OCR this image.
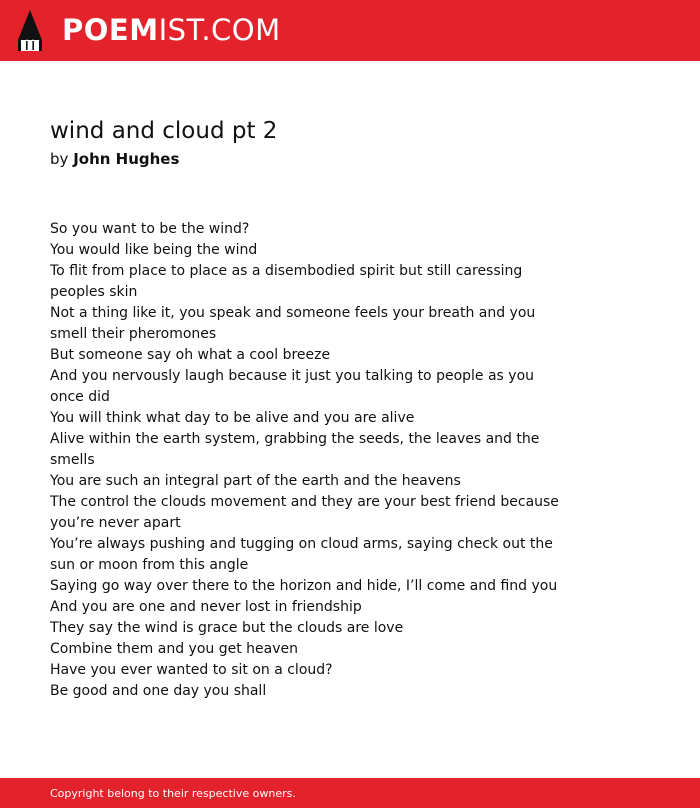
POEMIST.COM
wind and cloud pt 2
by John Hughes
So you want to be the wind?
You would like being the wind
To flit from place to place as a disembodied spirit but still caressing peoples skin
Not a thing like it, you speak and someone feels your breath and you smell their pheromones
But someone say oh what a cool breeze
And you nervously laugh because it just you talking to people as you once did
You will think what day to be alive and you are alive
Alive within the earth system, grabbing the seeds, the leaves and the smells
You are such an integral part of the earth and the heavens
The control the clouds movement and they are your best friend because you’re never apart
You’re always pushing and tugging on cloud arms, saying check out the sun or moon from this angle
Saying go way over there to the horizon and hide, I’ll come and find you
And you are one and never lost in friendship
They say the wind is grace but the clouds are love
Combine them and you get heaven
Have you ever wanted to sit on a cloud?
Be good and one day you shall
Copyright belong to their respective owners.
